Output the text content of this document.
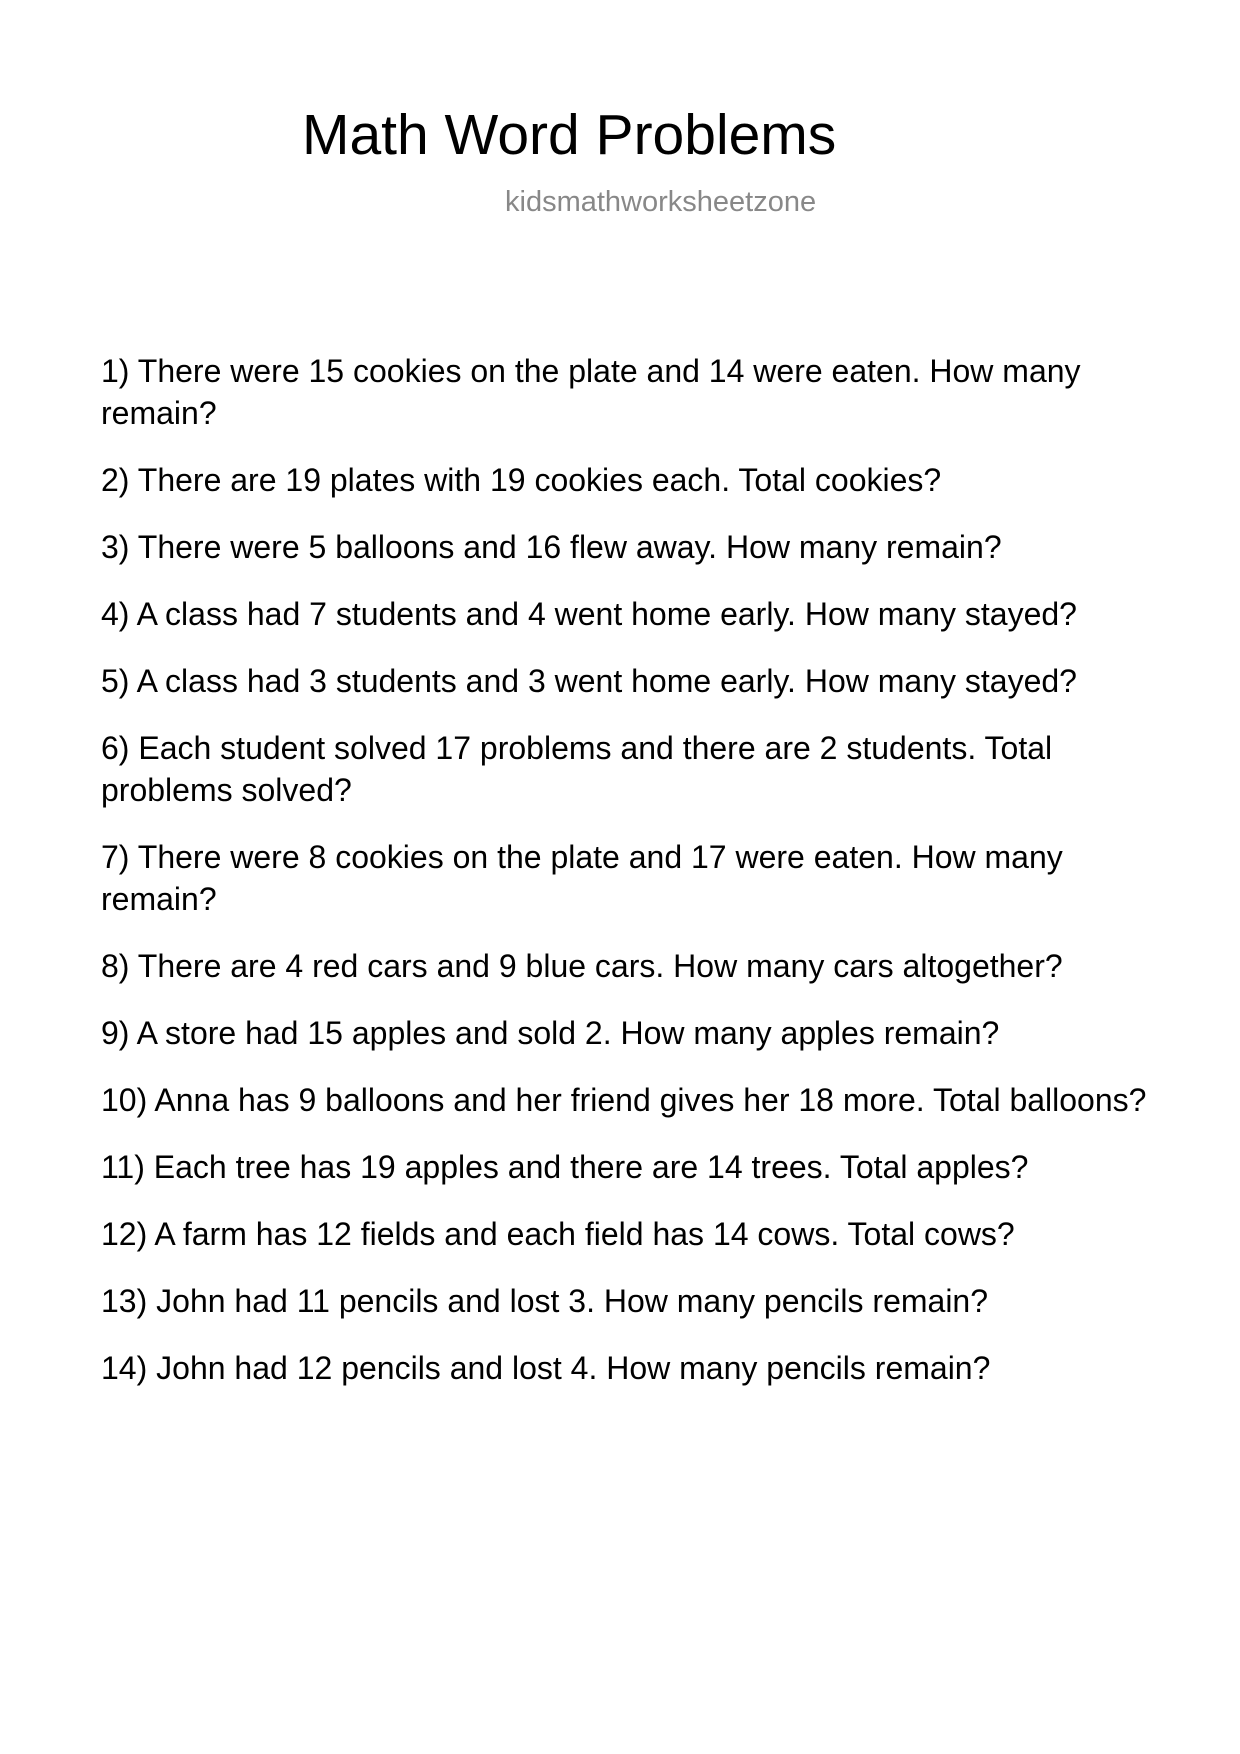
Math Word Problems
kidsmathworksheetzone
1) There were 15 cookies on the plate and 14 were eaten. How many remain?
2) There are 19 plates with 19 cookies each. Total cookies?
3) There were 5 balloons and 16 flew away. How many remain?
4) A class had 7 students and 4 went home early. How many stayed?
5) A class had 3 students and 3 went home early. How many stayed?
6) Each student solved 17 problems and there are 2 students. Total problems solved?
7) There were 8 cookies on the plate and 17 were eaten. How many remain?
8) There are 4 red cars and 9 blue cars. How many cars altogether?
9) A store had 15 apples and sold 2. How many apples remain?
10) Anna has 9 balloons and her friend gives her 18 more. Total balloons?
11) Each tree has 19 apples and there are 14 trees. Total apples?
12) A farm has 12 fields and each field has 14 cows. Total cows?
13) John had 11 pencils and lost 3. How many pencils remain?
14) John had 12 pencils and lost 4. How many pencils remain?
